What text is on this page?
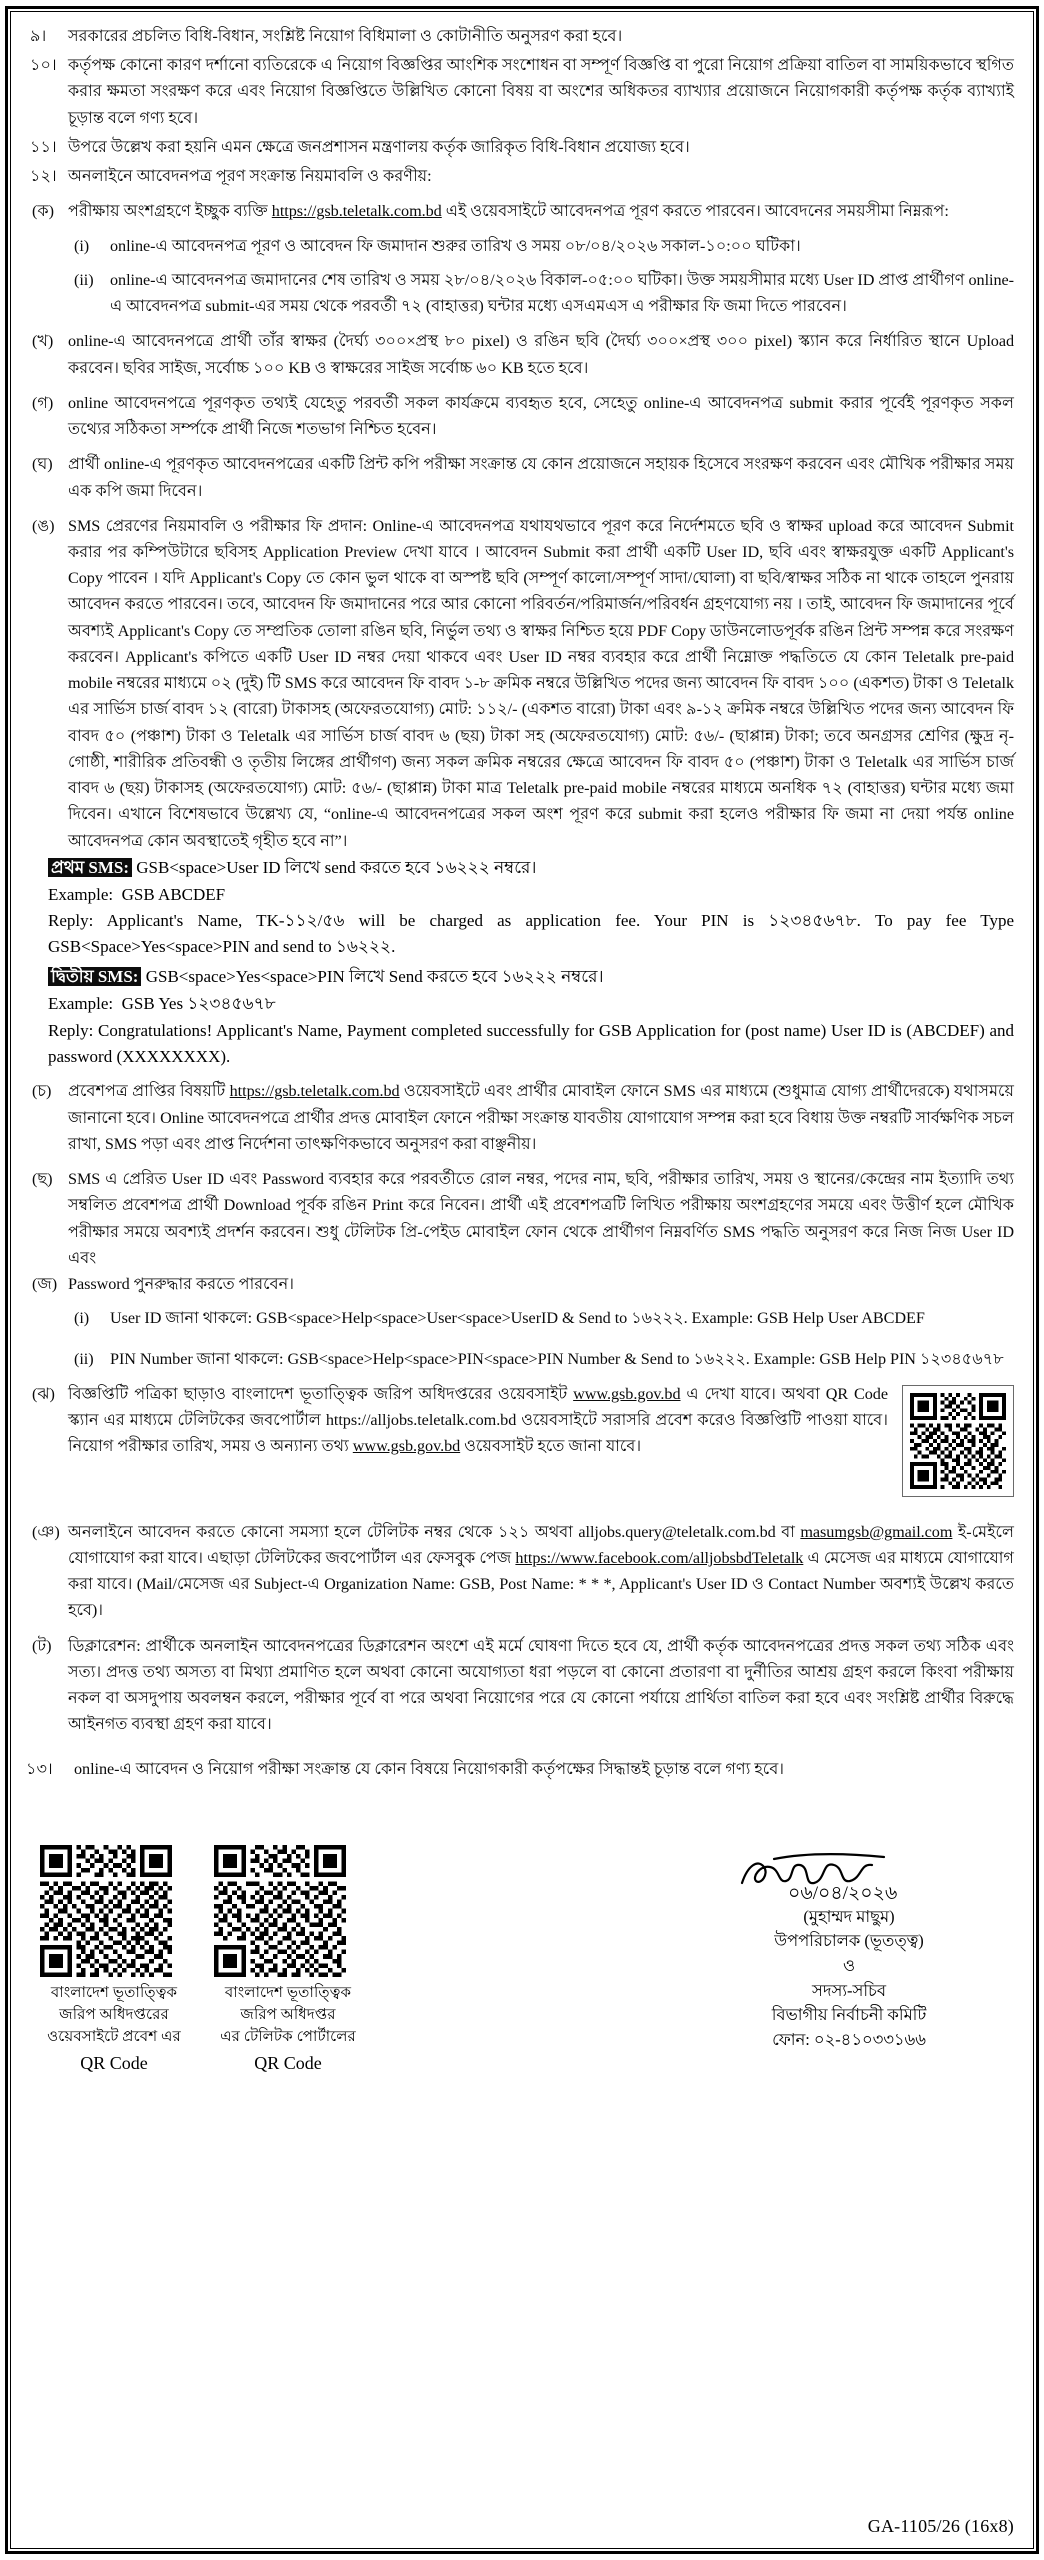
৯।	সরকারের প্রচলিত বিধি-বিধান, সংশ্লিষ্ট নিয়োগ বিধিমালা ও কোটানীতি অনুসরণ করা হবে।
১০। কর্তৃপক্ষ কোনো কারণ দর্শানো ব্যতিরেকে এ নিয়োগ বিজ্ঞপ্তির আংশিক সংশোধন বা সম্পূর্ণ বিজ্ঞপ্তি বা পুরো নিয়োগ প্রক্রিয়া বাতিল বা সাময়িকভাবে স্থগিত করার ক্ষমতা সংরক্ষণ করে এবং নিয়োগ বিজ্ঞপ্তিতে উল্লিখিত কোনো বিষয় বা অংশের অধিকতর ব্যাখ্যার প্রয়োজনে নিয়োগকারী কর্তৃপক্ষ কর্তৃক ব্যাখ্যাই চূড়ান্ত বলে গণ্য হবে।
১১। উপরে উল্লেখ করা হয়নি এমন ক্ষেত্রে জনপ্রশাসন মন্ত্রণালয় কর্তৃক জারিকৃত বিধি-বিধান প্রযোজ্য হবে।
১২। অনলাইনে আবেদনপত্র পূরণ সংক্রান্ত নিয়মাবলি ও করণীয়:
(ক) পরীক্ষায় অংশগ্রহণে ইচ্ছুক ব্যক্তি https://gsb.teletalk.com.bd এই ওয়েবসাইটে আবেদনপত্র পূরণ করতে পারবেন। আবেদনের সময়সীমা নিম্নরূপ:
(i)	online-এ আবেদনপত্র পূরণ ও আবেদন ফি জমাদান শুরুর তারিখ ও সময় ০৮/০৪/২০২৬ সকাল-১০:০০ ঘটিকা।
(ii)	online-এ আবেদনপত্র জমাদানের শেষ তারিখ ও সময় ২৮/০৪/২০২৬ বিকাল-০৫:০০ ঘটিকা। উক্ত সময়সীমার মধ্যে User ID প্রাপ্ত প্রার্থীগণ online-এ আবেদনপত্র submit-এর সময় থেকে পরবর্তী ৭২ (বাহাত্তর) ঘন্টার মধ্যে এসএমএস এ পরীক্ষার ফি জমা দিতে পারবেন।
(খ) online-এ আবেদনপত্রে প্রার্থী তাঁর স্বাক্ষর (দৈর্ঘ্য ৩০০×প্রস্থ ৮০ pixel) ও রঙিন ছবি (দৈর্ঘ্য ৩০০×প্রস্থ ৩০০ pixel) স্ক্যান করে নির্ধারিত স্থানে Upload করবেন। ছবির সাইজ, সর্বোচ্চ ১০০ KB ও স্বাক্ষরের সাইজ সর্বোচ্চ ৬০ KB হতে হবে।
(গ) online আবেদনপত্রে পূরণকৃত তথ্যই যেহেতু পরবর্তী সকল কার্যক্রমে ব্যবহৃত হবে, সেহেতু online-এ আবেদনপত্র submit করার পূর্বেই পূরণকৃত সকল তথ্যের সঠিকতা সর্ম্পকে প্রার্থী নিজে শতভাগ নিশ্চিত হবেন।
(ঘ) প্রার্থী online-এ পূরণকৃত আবেদনপত্রের একটি প্রিন্ট কপি পরীক্ষা সংক্রান্ত যে কোন প্রয়োজনে সহায়ক হিসেবে সংরক্ষণ করবেন এবং মৌখিক পরীক্ষার সময় এক কপি জমা দিবেন।
(ঙ) SMS প্রেরণের নিয়মাবলি ও পরীক্ষার ফি প্রদান: Online-এ আবেদনপত্র যথাযথভাবে পূরণ করে নির্দেশমতে ছবি ও স্বাক্ষর upload করে আবেদন Submit করার পর কম্পিউটারে ছবিসহ Application Preview দেখা যাবে । আবেদন Submit করা প্রার্থী একটি User ID, ছবি এবং স্বাক্ষরযুক্ত একটি Applicant's Copy পাবেন । যদি Applicant's Copy তে কোন ভুল থাকে বা অস্পষ্ট ছবি (সম্পূর্ণ কালো/সম্পূর্ণ সাদা/ঘোলা) বা ছবি/স্বাক্ষর সঠিক না থাকে তাহলে পুনরায় আবেদন করতে পারবেন। তবে, আবেদন ফি জমাদানের পরে আর কোনো পরিবর্তন/পরিমার্জন/পরিবর্ধন গ্রহণযোগ্য নয় । তাই, আবেদন ফি জমাদানের পূর্বে অবশ্যই Applicant's Copy তে সম্প্রতিক তোলা রঙিন ছবি, নির্ভুল তথ্য ও স্বাক্ষর নিশ্চিত হয়ে PDF Copy ডাউনলোডপূর্বক রঙিন প্রিন্ট সম্পন্ন করে সংরক্ষণ করবেন। Applicant's কপিতে একটি User ID নম্বর দেয়া থাকবে এবং User ID নম্বর ব্যবহার করে প্রার্থী নিম্নোক্ত পদ্ধতিতে যে কোন Teletalk pre-paid mobile নম্বরের মাধ্যমে ০২ (দুই) টি SMS করে আবেদন ফি বাবদ ১-৮ ক্রমিক নম্বরে উল্লিখিত পদের জন্য আবেদন ফি বাবদ ১০০ (একশত) টাকা ও Teletalk এর সার্ভিস চার্জ বাবদ ১২ (বারো) টাকাসহ (অফেরতযোগ্য) মোট: ১১২/- (একশত বারো) টাকা এবং ৯-১২ ক্রমিক নম্বরে উল্লিখিত পদের জন্য আবেদন ফি বাবদ ৫০ (পঞ্চাশ) টাকা ও Teletalk এর সার্ভিস চার্জ বাবদ ৬ (ছয়) টাকা সহ (অফেরতযোগ্য) মোট: ৫৬/- (ছাপ্পান্ন) টাকা; তবে অনগ্রসর শ্রেণির (ক্ষুদ্র নৃ-গোষ্ঠী, শারীরিক প্রতিবন্ধী ও তৃতীয় লিঙ্গের প্রার্থীগণ) জন্য সকল ক্রমিক নম্বরের ক্ষেত্রে আবেদন ফি বাবদ ৫০ (পঞ্চাশ) টাকা ও Teletalk এর সার্ভিস চার্জ বাবদ ৬ (ছয়) টাকাসহ (অফেরতযোগ্য) মোট: ৫৬/- (ছাপ্পান্ন) টাকা মাত্র Teletalk pre-paid mobile নম্বরের মাধ্যমে অনধিক ৭২ (বাহাত্তর) ঘন্টার মধ্যে জমা দিবেন। এখানে বিশেষভাবে উল্লেখ্য যে, “online-এ আবেদনপত্রের সকল অংশ পূরণ করে submit করা হলেও পরীক্ষার ফি জমা না দেয়া পর্যন্ত online আবেদনপত্র কোন অবস্থাতেই গৃহীত হবে না”।
প্রথম SMS: GSB<space>User ID লিখে send করতে হবে ১৬২২২ নম্বরে।
Example: GSB ABCDEF
Reply: Applicant's Name, TK-১১২/৫৬ will be charged as application fee. Your PIN is ১২৩৪৫৬৭৮. To pay fee Type GSB<Space>Yes<space>PIN and send to ১৬২২২.
দ্বিতীয় SMS: GSB<space>Yes<space>PIN লিখে Send করতে হবে ১৬২২২ নম্বরে।
Example: GSB Yes ১২৩৪৫৬৭৮
Reply: Congratulations! Applicant's Name, Payment completed successfully for GSB Application for (post name) User ID is (ABCDEF) and password (XXXXXXXX).
(চ)	প্রবেশপত্র প্রাপ্তির বিষয়টি https://gsb.teletalk.com.bd ওয়েবসাইটে এবং প্রার্থীর মোবাইল ফোনে SMS এর মাধ্যমে (শুধুমাত্র যোগ্য প্রার্থীদেরকে) যথাসময়ে জানানো হবে। Online আবেদনপত্রে প্রার্থীর প্রদত্ত মোবাইল ফোনে পরীক্ষা সংক্রান্ত যাবতীয় যোগাযোগ সম্পন্ন করা হবে বিধায় উক্ত নম্বরটি সার্বক্ষণিক সচল রাখা, SMS পড়া এবং প্রাপ্ত নির্দেশনা তাৎক্ষণিকভাবে অনুসরণ করা বাঞ্ছনীয়।
(ছ) SMS এ প্রেরিত User ID এবং Password ব্যবহার করে পরবর্তীতে রোল নম্বর, পদের নাম, ছবি, পরীক্ষার তারিখ, সময় ও স্থানের/কেন্দ্রের নাম ইত্যাদি তথ্য সম্বলিত প্রবেশপত্র প্রার্থী Download পূর্বক রঙিন Print করে নিবেন। প্রার্থী এই প্রবেশপত্রটি লিখিত পরীক্ষায় অংশগ্রহণের সময়ে এবং উত্তীর্ণ হলে মৌখিক পরীক্ষার সময়ে অবশ্যই প্রদর্শন করবেন। শুধু টেলিটক প্রি-পেইড মোবাইল ফোন থেকে প্রার্থীগণ নিম্নবর্ণিত SMS পদ্ধতি অনুসরণ করে নিজ নিজ User ID এবং
(জ) Password পুনরুদ্ধার করতে পারবেন।
(i)	User ID জানা থাকলে: GSB<space>Help<space>User<space>UserID & Send to ১৬২২২. Example: GSB Help User ABCDEF
(ii)	PIN Number জানা থাকলে: GSB<space>Help<space>PIN<space>PIN Number & Send to ১৬২২২. Example: GSB Help PIN ১২৩৪৫৬৭৮
(ঝ) বিজ্ঞপ্তিটি পত্রিকা ছাড়াও বাংলাদেশ ভূতাত্ত্বিক জরিপ অধিদপ্তরের ওয়েবসাইট www.gsb.gov.bd এ দেখা যাবে। অথবা QR Code স্ক্যান এর মাধ্যমে টেলিটকের জবপোর্টাল https://alljobs.teletalk.com.bd ওয়েবসাইটে সরাসরি প্রবেশ করেও বিজ্ঞপ্তিটি পাওয়া যাবে। নিয়োগ পরীক্ষার তারিখ, সময় ও অন্যান্য তথ্য www.gsb.gov.bd ওয়েবসাইট হতে জানা যাবে।
(ঞ) অনলাইনে আবেদন করতে কোনো সমস্যা হলে টেলিটক নম্বর থেকে ১২১ অথবা alljobs.query@teletalk.com.bd বা masumgsb@gmail.com ই-মেইলে যোগাযোগ করা যাবে। এছাড়া টেলিটকের জবপোর্টাল এর ফেসবুক পেজ https://www.facebook.com/alljobsbdTeletalk এ মেসেজ এর মাধ্যমে যোগাযোগ করা যাবে। (Mail/মেসেজ এর Subject-এ Organization Name: GSB, Post Name: * * *, Applicant's User ID ও Contact Number অবশ্যই উল্লেখ করতে হবে)।
(ট)	ডিক্লারেশন: প্রার্থীকে অনলাইন আবেদনপত্রের ডিক্লারেশন অংশে এই মর্মে ঘোষণা দিতে হবে যে, প্রার্থী কর্তৃক আবেদনপত্রের প্রদত্ত সকল তথ্য সঠিক এবং সত্য। প্রদত্ত তথ্য অসত্য বা মিথ্যা প্রমাণিত হলে অথবা কোনো অযোগ্যতা ধরা পড়লে বা কোনো প্রতারণা বা দুর্নীতির আশ্রয় গ্রহণ করলে কিংবা পরীক্ষায় নকল বা অসদুপায় অবলম্বন করলে, পরীক্ষার পূর্বে বা পরে অথবা নিয়োগের পরে যে কোনো পর্যায়ে প্রার্থিতা বাতিল করা হবে এবং সংশ্লিষ্ট প্রার্থীর বিরুদ্ধে আইনগত ব্যবস্থা গ্রহণ করা যাবে।
১৩।	online-এ আবেদন ও নিয়োগ পরীক্ষা সংক্রান্ত যে কোন বিষয়ে নিয়োগকারী কর্তৃপক্ষের সিদ্ধান্তই চূড়ান্ত বলে গণ্য হবে।
বাংলাদেশ ভূতাত্ত্বিক
জরিপ অধিদপ্তরের
ওয়েবসাইটে প্রবেশ এর
QR Code
বাংলাদেশ ভূতাত্ত্বিক
জরিপ অধিদপ্তর
এর টেলিটক পোর্টালের
QR Code
০৬/০৪/২০২৬
(মুহাম্মদ মাছুম)
উপপরিচালক (ভূতত্ত্ব)
ও
সদস্য-সচিব
বিভাগীয় নির্বাচনী কমিটি
ফোন: ০২-৪১০৩৩১৬৬
GA-1105/26 (16x8)
